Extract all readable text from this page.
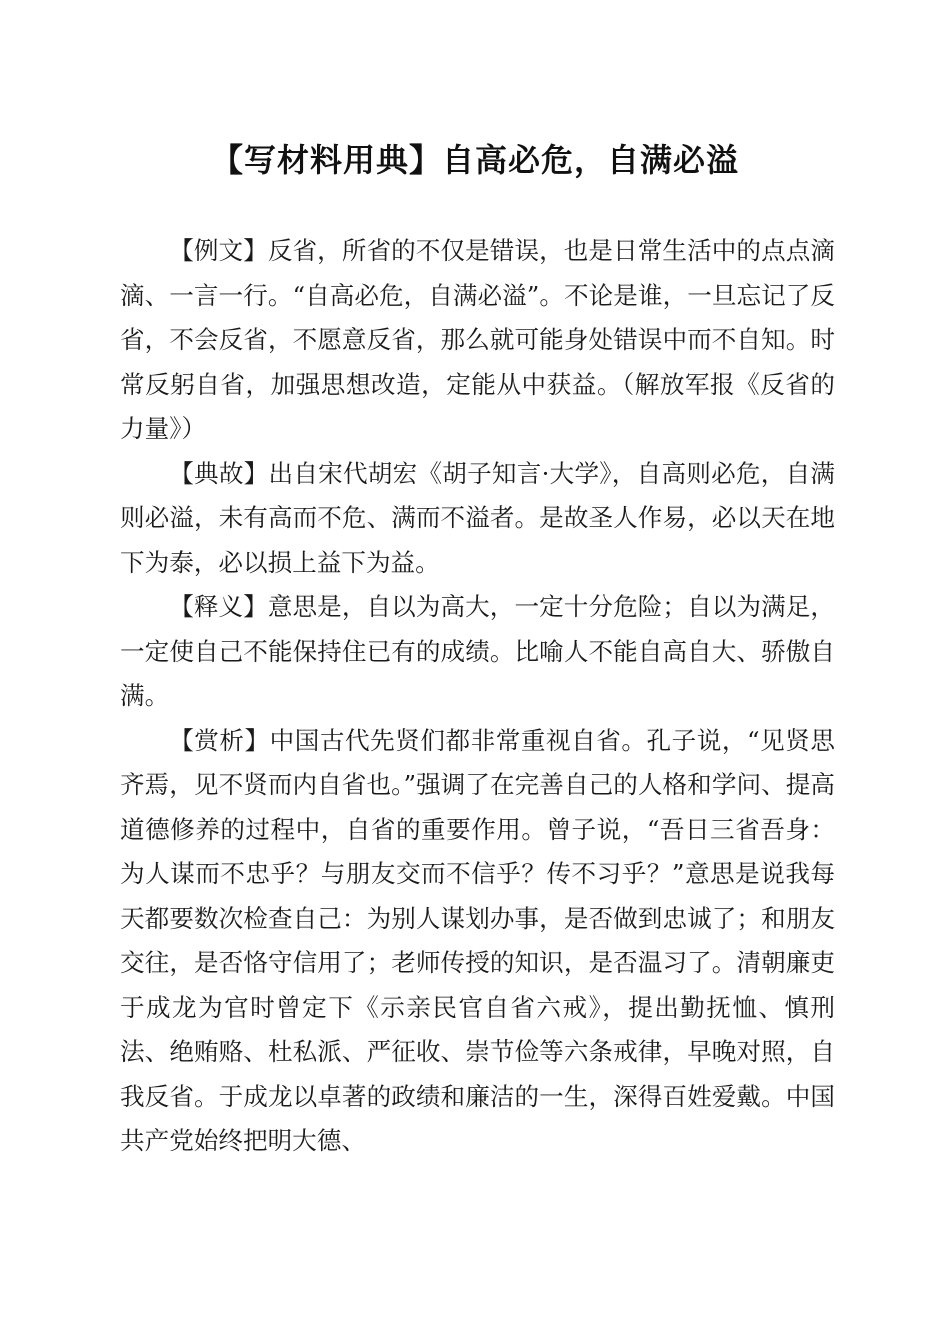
【写材料用典】自高必危，自满必溢

【例文】反省，所省的不仅是错误，也是日常生活中的点点滴滴、一言一行。“自高必危，自满必溢”。不论是谁，一旦忘记了反省，不会反省，不愿意反省，那么就可能身处错误中而不自知。时常反躬自省，加强思想改造，定能从中获益。（解放军报《反省的力量》）

【典故】出自宋代胡宏《胡子知言·大学》，自高则必危，自满则必溢，未有高而不危、满而不溢者。是故圣人作易，必以天在地下为泰，必以损上益下为益。

【释义】意思是，自以为高大，一定十分危险；自以为满足，一定使自己不能保持住已有的成绩。比喻人不能自高自大、骄傲自满。

【赏析】中国古代先贤们都非常重视自省。孔子说，“见贤思齐焉，见不贤而内自省也。”强调了在完善自己的人格和学问、提高道德修养的过程中，自省的重要作用。曾子说，“吾日三省吾身：为人谋而不忠乎？与朋友交而不信乎？传不习乎？”意思是说我每天都要数次检查自己：为别人谋划办事，是否做到忠诚了；和朋友交往，是否恪守信用了；老师传授的知识，是否温习了。清朝廉吏于成龙为官时曾定下《示亲民官自省六戒》，提出勤抚恤、慎刑法、绝贿赂、杜私派、严征收、崇节俭等六条戒律，早晚对照，自我反省。于成龙以卓著的政绩和廉洁的一生，深得百姓爱戴。中国共产党始终把明大德、
